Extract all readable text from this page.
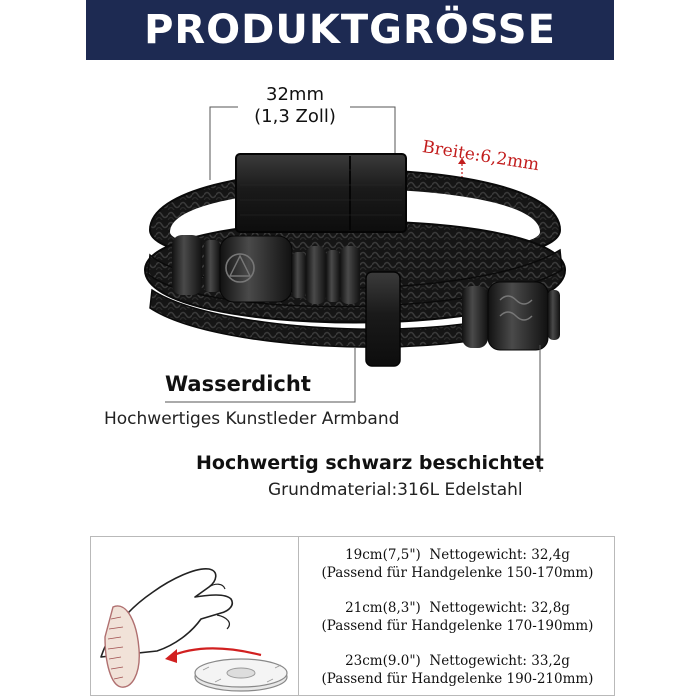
PRODUKTGRÖSSE
32mm
(1,3 Zoll)
Breite:6,2mm
Wasserdicht
Hochwertiges Kunstleder Armband
Hochwertig schwarz beschichtet
Grundmaterial:316L Edelstahl
19cm(7,5") Nettogewicht: 32,4g
(Passend für Handgelenke 150-170mm)
21cm(8,3") Nettogewicht: 32,8g
(Passend für Handgelenke 170-190mm)
23cm(9.0") Nettogewicht: 33,2g
(Passend für Handgelenke 190-210mm)
